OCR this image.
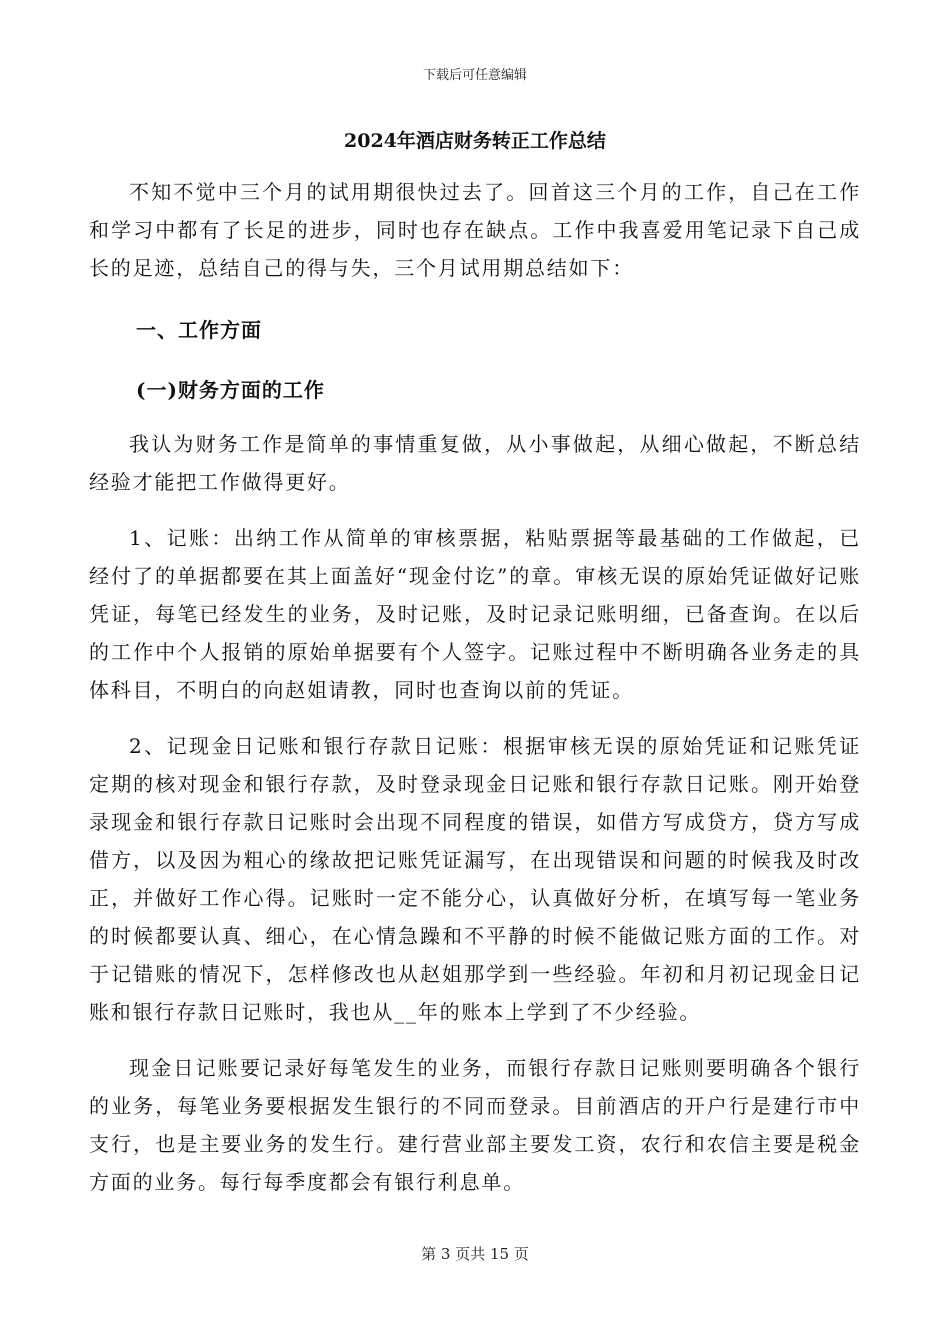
下载后可任意编辑
2024年酒店财务转正工作总结

不知不觉中三个月的试用期很快过去了。回首这三个月的工作，自己在工作和学习中都有了长足的进步，同时也存在缺点。工作中我喜爱用笔记录下自己成长的足迹，总结自己的得与失，三个月试用期总结如下：

一、工作方面
(一)财务方面的工作

我认为财务工作是简单的事情重复做，从小事做起，从细心做起，不断总结经验才能把工作做得更好。

1、记账：出纳工作从简单的审核票据，粘贴票据等最基础的工作做起，已经付了的单据都要在其上面盖好“现金付讫”的章。审核无误的原始凭证做好记账凭证，每笔已经发生的业务，及时记账，及时记录记账明细，已备查询。在以后的工作中个人报销的原始单据要有个人签字。记账过程中不断明确各业务走的具体科目，不明白的向赵姐请教，同时也查询以前的凭证。

2、记现金日记账和银行存款日记账：根据审核无误的原始凭证和记账凭证定期的核对现金和银行存款，及时登录现金日记账和银行存款日记账。刚开始登录现金和银行存款日记账时会出现不同程度的错误，如借方写成贷方，贷方写成借方，以及因为粗心的缘故把记账凭证漏写，在出现错误和问题的时候我及时改正，并做好工作心得。记账时一定不能分心，认真做好分析，在填写每一笔业务的时候都要认真、细心，在心情急躁和不平静的时候不能做记账方面的工作。对于记错账的情况下，怎样修改也从赵姐那学到一些经验。年初和月初记现金日记账和银行存款日记账时，我也从__年的账本上学到了不少经验。

现金日记账要记录好每笔发生的业务，而银行存款日记账则要明确各个银行的业务，每笔业务要根据发生银行的不同而登录。目前酒店的开户行是建行市中支行，也是主要业务的发生行。建行营业部主要发工资，农行和农信主要是税金方面的业务。每行每季度都会有银行利息单。

第 3 页共 15 页
